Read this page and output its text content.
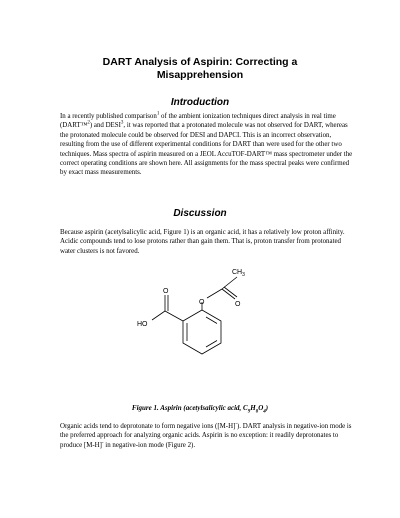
DART Analysis of Aspirin: Correcting a
Misapprehension
Introduction
In a recently published comparison$^1$ of the ambient ionization techniques direct analysis in real time (DART™$^2$) and DESI$^3$, it was reported that a protonated molecule was not observed for DART, whereas the protonated molecule could be observed for DESI and DAPCI. This is an incorrect observation, resulting from the use of different experimental conditions for DART than were used for the other two techniques. Mass spectra of aspirin measured on a JEOL AccuTOF-DART™ mass spectrometer under the correct operating conditions are shown here. All assignments for the mass spectral peaks were confirmed by exact mass measurements.
Discussion
Because aspirin (acetylsalicylic acid, Figure 1) is an organic acid, it has a relatively low proton affinity. Acidic compounds tend to lose protons rather than gain them. That is, proton transfer from protonated water clusters is not favored.
$CH_3$
O	O
O
HO
Figure 1. Aspirin (acetylsalicylic acid, $C_9H_8O_4$)
Organic acids tend to deprotonate to form negative ions ([M-H]-). DART analysis in negative-ion mode is the preferred approach for analyzing organic acids. Aspirin is no exception: it readily deprotonates to produce [M-H]- in negative-ion mode (Figure 2).
